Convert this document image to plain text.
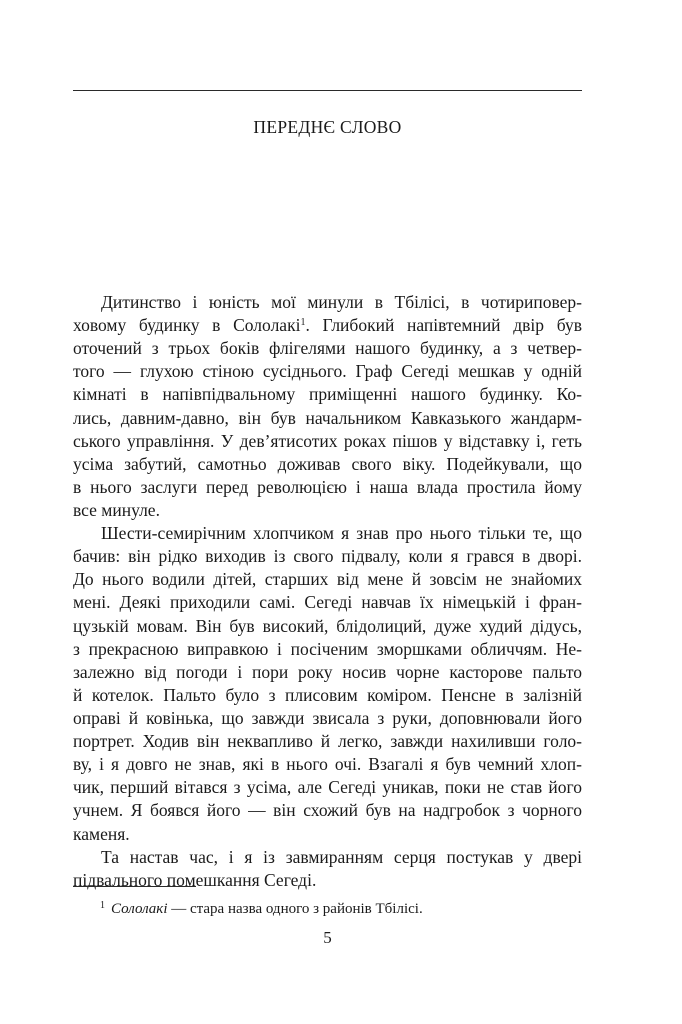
ПЕРЕДНЄ СЛОВО
Дитинство і юність мої минули в Тбілісі, в чотириповер-
ховому будинку в Сололакі$^1$. Глибокий напівтемний двір був
оточений з трьох боків флігелями нашого будинку, а з четвер-
того — глухою стіною сусіднього. Граф Сегеді мешкав у одній
кімнаті в напівпідвальному приміщенні нашого будинку. Ко-
лись, давним-давно, він був начальником Кавказького жандарм-
ського управління. У дев’ятисотих роках пішов у відставку і, геть
усіма забутий, самотньо доживав свого віку. Подейкували, що
в нього заслуги перед революцією і наша влада простила йому
все минуле.
Шести-семирічним хлопчиком я знав про нього тільки те, що
бачив: він рідко виходив із свого підвалу, коли я грався в дворі.
До нього водили дітей, старших від мене й зовсім не знайомих
мені. Деякі приходили самі. Сегеді навчав їх німецькій і фран-
цузькій мовам. Він був високий, блідолиций, дуже худий дідусь,
з прекрасною виправкою і посіченим зморшками обличчям. Не-
залежно від погоди і пори року носив чорне касторове пальто
й котелок. Пальто було з плисовим коміром. Пенсне в залізній
оправі й ковінька, що завжди звисала з руки, доповнювали його
портрет. Ходив він неквапливо й легко, завжди нахиливши голо-
ву, і я довго не знав, які в нього очі. Взагалі я був чемний хлоп-
чик, перший вітався з усіма, але Сегеді уникав, поки не став його
учнем. Я боявся його — він схожий був на надгробок з чорного
каменя.
Та настав час, і я із завмиранням серця постукав у двері
підвального помешкання Сегеді.
$^1$ Сололакі — стара назва одного з районів Тбілісі.
5
